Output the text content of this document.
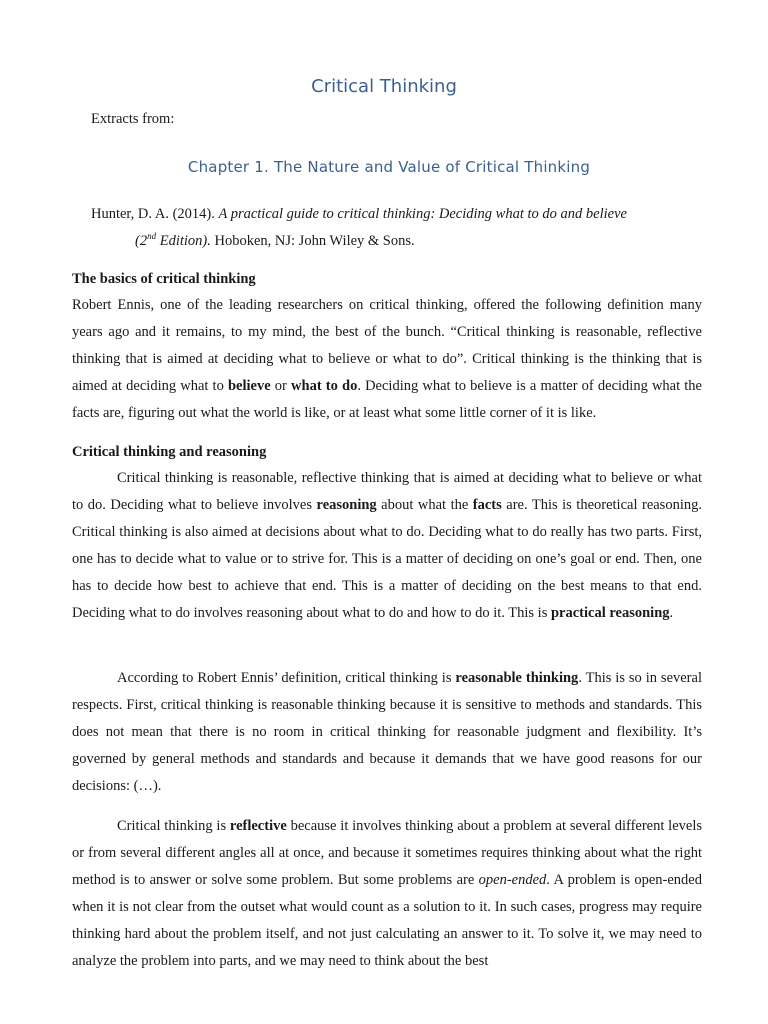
Critical Thinking

Extracts from:

Chapter 1. The Nature and Value of Critical Thinking

Hunter, D. A. (2014). A practical guide to critical thinking: Deciding what to do and believe
(2nd Edition). Hoboken, NJ: John Wiley & Sons.

The basics of critical thinking

Robert Ennis, one of the leading researchers on critical thinking, offered the following definition many years ago and it remains, to my mind, the best of the bunch. “Critical thinking is reasonable, reflective thinking that is aimed at deciding what to believe or what to do”. Critical thinking is the thinking that is aimed at deciding what to believe or what to do. Deciding what to believe is a matter of deciding what the facts are, figuring out what the world is like, or at least what some little corner of it is like.

Critical thinking and reasoning

Critical thinking is reasonable, reflective thinking that is aimed at deciding what to believe or what to do. Deciding what to believe involves reasoning about what the facts are. This is theoretical reasoning. Critical thinking is also aimed at decisions about what to do. Deciding what to do really has two parts. First, one has to decide what to value or to strive for. This is a matter of deciding on one’s goal or end. Then, one has to decide how best to achieve that end. This is a matter of deciding on the best means to that end. Deciding what to do involves reasoning about what to do and how to do it. This is practical reasoning.

According to Robert Ennis’ definition, critical thinking is reasonable thinking. This is so in several respects. First, critical thinking is reasonable thinking because it is sensitive to methods and standards. This does not mean that there is no room in critical thinking for reasonable judgment and flexibility. It’s governed by general methods and standards and because it demands that we have good reasons for our decisions: (…).

Critical thinking is reflective because it involves thinking about a problem at several different levels or from several different angles all at once, and because it sometimes requires thinking about what the right method is to answer or solve some problem. But some problems are open-ended. A problem is open-ended when it is not clear from the outset what would count as a solution to it. In such cases, progress may require thinking hard about the problem itself, and not just calculating an answer to it. To solve it, we may need to analyze the problem into parts, and we may need to think about the best
